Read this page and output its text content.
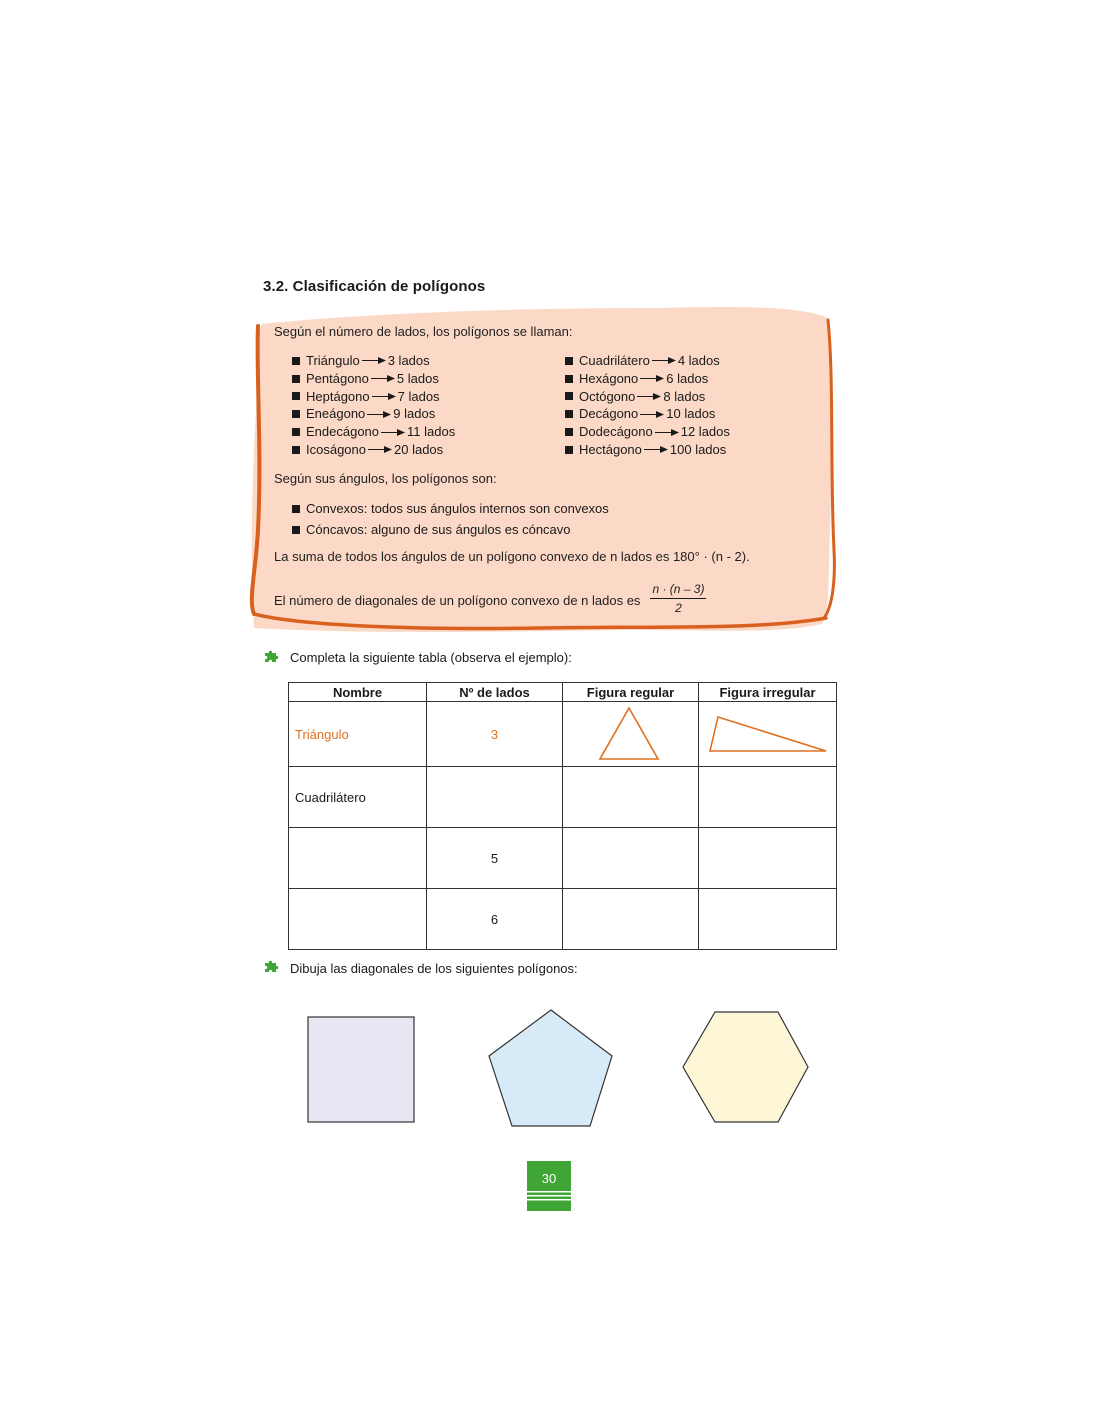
3.2. Clasificación de polígonos
Según el número de lados, los polígonos se llaman:
Triángulo 3 lados
Pentágono 5 lados
Heptágono 7 lados
Eneágono 9 lados
Endecágono 11 lados
Icoságono 20 lados
Cuadrilátero 4 lados
Hexágono 6 lados
Octógono 8 lados
Decágono 10 lados
Dodecágono 12 lados
Hectágono 100 lados
Según sus ángulos, los polígonos son:
Convexos: todos sus ángulos internos son convexos
Cóncavos: alguno de sus ángulos es cóncavo
La suma de todos los ángulos de un polígono convexo de n lados es 180° · (n - 2).
El número de diagonales de un polígono convexo de n lados es $\frac{n \cdot (n - 3)}{2}$
Completa la siguiente tabla (observa el ejemplo):
Nombre	Nº de lados	Figura regular	Figura irregular
Triángulo	3		
Cuadrilátero			
	5		
	6		
Dibuja las diagonales de los siguientes polígonos:
30
